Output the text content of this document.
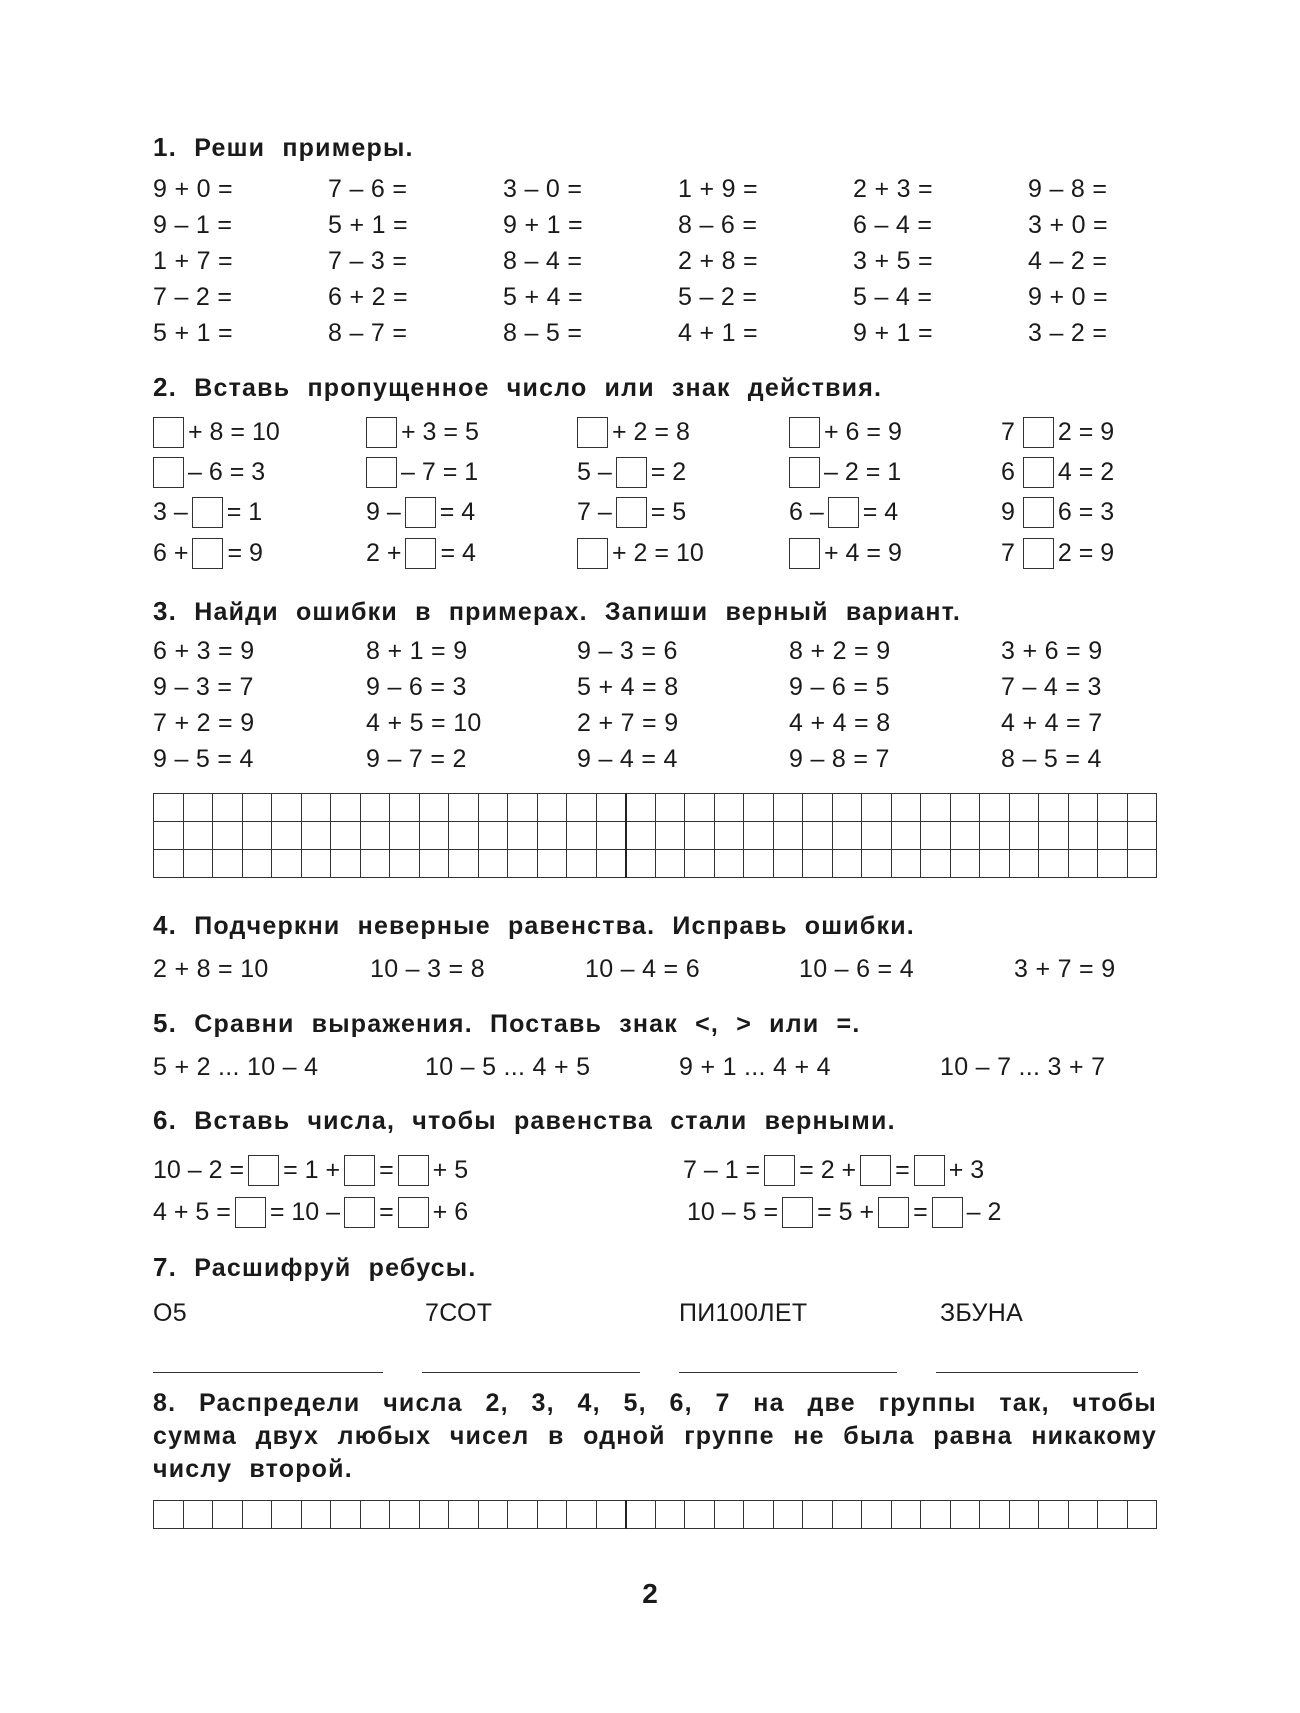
1. Реши примеры.
9 + 0 =	7 – 6 =	3 – 0 =	1 + 9 =	2 + 3 =	9 – 8 =
9 – 1 =	5 + 1 =	9 + 1 =	8 – 6 =	6 – 4 =	3 + 0 =
1 + 7 =	7 – 3 =	8 – 4 =	2 + 8 =	3 + 5 =	4 – 2 =
7 – 2 =	6 + 2 =	5 + 4 =	5 – 2 =	5 – 4 =	9 + 0 =
5 + 1 =	8 – 7 =	8 – 5 =	4 + 1 =	9 + 1 =	3 – 2 =
2. Вставь пропущенное число или знак действия.
+ 8 = 10	+ 3 = 5	+ 2 = 8	+ 6 = 9	7 2 = 9
– 6 = 3	– 7 = 1	5 – = 2	– 2 = 1	6 4 = 2
3 – = 1	9 – = 4	7 – = 5	6 – = 4	9 6 = 3
6 + = 9	2 + = 4	+ 2 = 10	+ 4 = 9	7 2 = 9
3. Найди ошибки в примерах. Запиши верный вариант.
6 + 3 = 9	8 + 1 = 9	9 – 3 = 6	8 + 2 = 9	3 + 6 = 9
9 – 3 = 7	9 – 6 = 3	5 + 4 = 8	9 – 6 = 5	7 – 4 = 3
7 + 2 = 9	4 + 5 = 10	2 + 7 = 9	4 + 4 = 8	4 + 4 = 7
9 – 5 = 4	9 – 7 = 2	9 – 4 = 4	9 – 8 = 7	8 – 5 = 4

4. Подчеркни неверные равенства. Исправь ошибки.
2 + 8 = 10	10 – 3 = 8	10 – 4 = 6	10 – 6 = 4	3 + 7 = 9
5. Сравни выражения. Поставь знак <, > или =.
5 + 2 ... 10 – 4	10 – 5 ... 4 + 5	9 + 1 ... 4 + 4	10 – 7 ... 3 + 7
6. Вставь числа, чтобы равенства стали верными.
10 – 2 = = 1 + = + 5	7 – 1 = = 2 + = + 3
4 + 5 = = 10 – = + 6	10 – 5 = = 5 + = – 2
7. Расшифруй ребусы.
О5	7СОТ	ПИ100ЛЕТ	ЗБУНА
8. Распредели числа 2, 3, 4, 5, 6, 7 на две группы так, чтобы сумма двух любых чисел в одной группе не была равна никакому числу второй.

2
